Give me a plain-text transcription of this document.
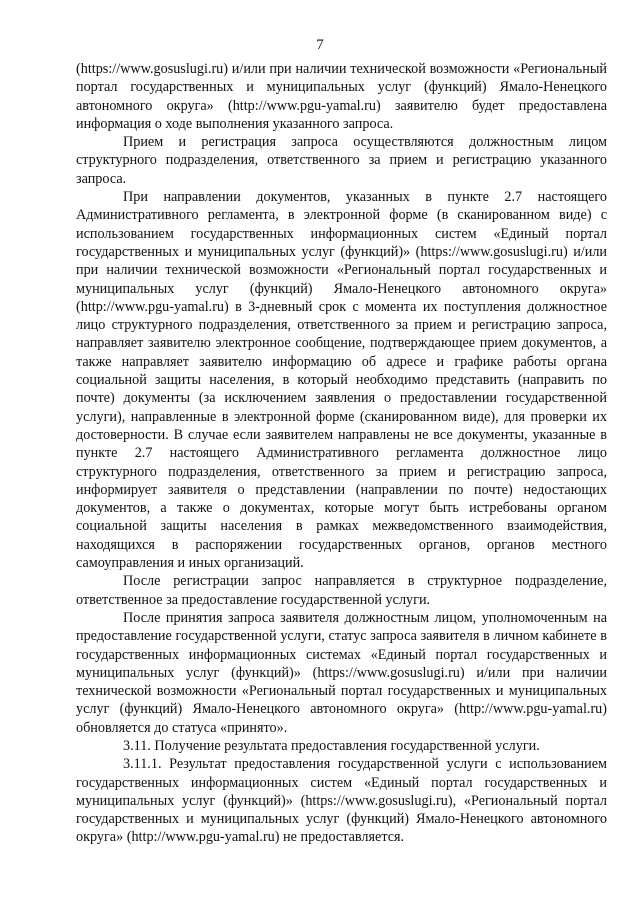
7

(https://www.gosuslugi.ru) и/или при наличии технической возможности «Региональный портал государственных и муниципальных услуг (функций) Ямало-Ненецкого автономного округа» (http://www.pgu-yamal.ru) заявителю будет предоставлена информация о ходе выполнения указанного запроса.

Прием и регистрация запроса осуществляются должностным лицом структурного подразделения, ответственного за прием и регистрацию указанного запроса.

При направлении документов, указанных в пункте 2.7 настоящего Административного регламента, в электронной форме (в сканированном виде) с использованием государственных информационных систем «Единый портал государственных и муниципальных услуг (функций)» (https://www.gosuslugi.ru) и/или при наличии технической возможности «Региональный портал государственных и муниципальных услуг (функций) Ямало-Ненецкого автономного округа» (http://www.pgu-yamal.ru) в 3-дневный срок с момента их поступления должностное лицо структурного подразделения, ответственного за прием и регистрацию запроса, направляет заявителю электронное сообщение, подтверждающее прием документов, а также направляет заявителю информацию об адресе и графике работы органа социальной защиты населения, в который необходимо представить (направить по почте) документы (за исключением заявления о предоставлении государственной услуги), направленные в электронной форме (сканированном виде), для проверки их достоверности. В случае если заявителем направлены не все документы, указанные в пункте 2.7 настоящего Административного регламента должностное лицо структурного подразделения, ответственного за прием и регистрацию запроса, информирует заявителя о представлении (направлении по почте) недостающих документов, а также о документах, которые могут быть истребованы органом социальной защиты населения в рамках межведомственного взаимодействия, находящихся в распоряжении государственных органов, органов местного самоуправления и иных организаций.

После регистрации запрос направляется в структурное подразделение, ответственное за предоставление государственной услуги.

После принятия запроса заявителя должностным лицом, уполномоченным на предоставление государственной услуги, статус запроса заявителя в личном кабинете в государственных информационных системах «Единый портал государственных и муниципальных услуг (функций)» (https://www.gosuslugi.ru) и/или при наличии технической возможности «Региональный портал государственных и муниципальных услуг (функций) Ямало-Ненецкого автономного округа» (http://www.pgu-yamal.ru) обновляется до статуса «принято».

3.11. Получение результата предоставления государственной услуги.

3.11.1. Результат предоставления государственной услуги с использованием государственных информационных систем «Единый портал государственных и муниципальных услуг (функций)» (https://www.gosuslugi.ru), «Региональный портал государственных и муниципальных услуг (функций) Ямало-Ненецкого автономного округа» (http://www.pgu-yamal.ru) не предоставляется.
